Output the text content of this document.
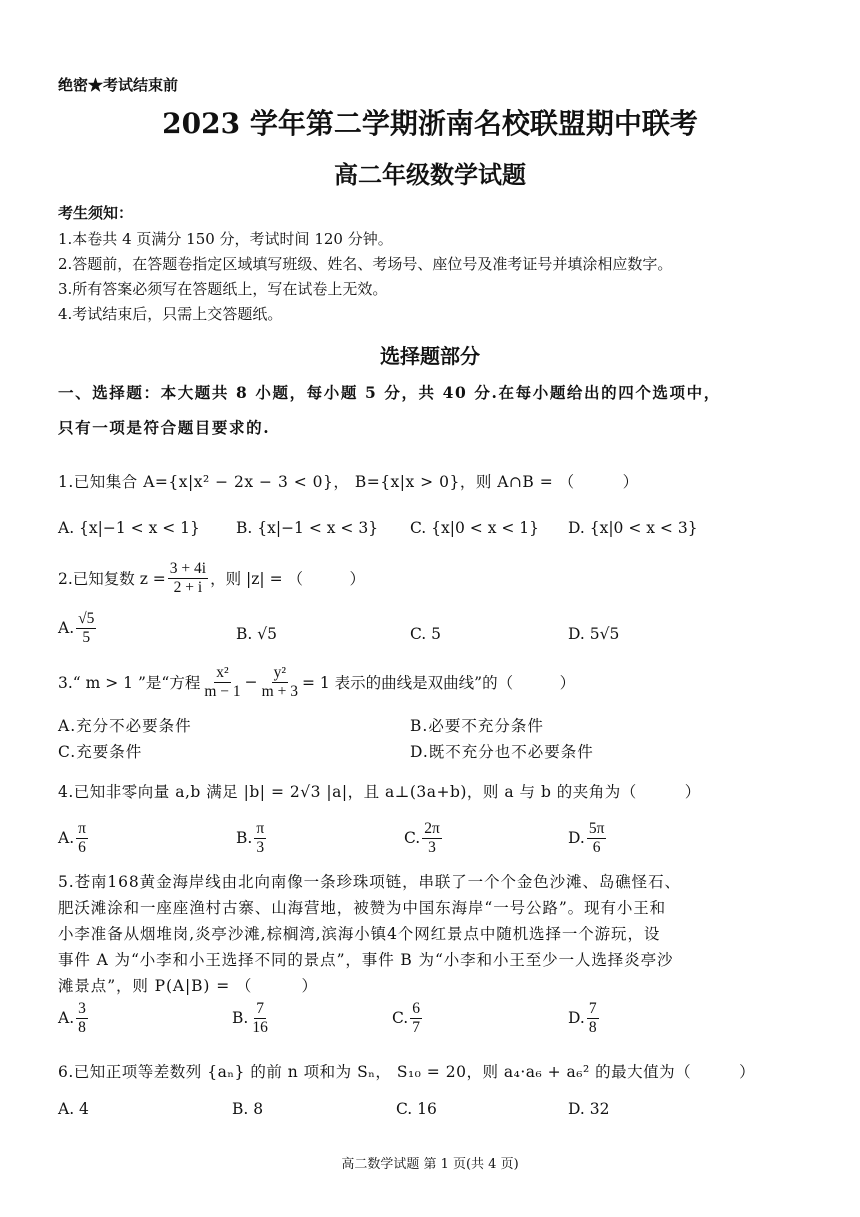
绝密★考试结束前
2023 学年第二学期浙南名校联盟期中联考
高二年级数学试题
考生须知：
1.本卷共 4 页满分 150 分，考试时间 120 分钟。
2.答题前，在答题卷指定区域填写班级、姓名、考场号、座位号及准考证号并填涂相应数字。
3.所有答案必须写在答题纸上，写在试卷上无效。
4.考试结束后，只需上交答题纸。
选择题部分
一、选择题：本大题共 8 小题，每小题 5 分，共 40 分.在每小题给出的四个选项中，
只有一项是符合题目要求的.
1.已知集合 A={x|x² − 2x − 3 < 0}， B={x|x > 0}，则 A∩B = （　　　）
A. {x|−1 < x < 1} B. {x|−1 < x < 3} C. {x|0 < x < 1} D. {x|0 < x < 3}
2.已知复数 $z = \frac{3 + 4i}{2 + i}$ ，则 |z| = （　　　）
A. $\frac{√5}{5}$	B. √5	C. 5	D. 5√5
3.“ m > 1 ”是“方程 $\frac{\text{x²}}{m - 1} - \frac{\text{y²}}{m + 3} = 1$ 表示的曲线是双曲线”的（　　　）
A.充分不必要条件	B.必要不充分条件
C.充要条件	D.既不充分也不必要条件
4.已知非零向量 a,b 满足 |b| = 2√3 |a|，且 a⊥(3a+b)，则 a 与 b 的夹角为（　　　）
A. $\frac{\pi}{6}$	B. $\frac{\pi}{3}$	C. $\frac{2\pi}{3}$	D. $\frac{5\pi}{6}$
5.苍南168黄金海岸线由北向南像一条珍珠项链，串联了一个个金色沙滩、岛礁怪石、
肥沃滩涂和一座座渔村古寨、山海营地，被赞为中国东海岸“一号公路”。现有小王和
小李准备从烟堆岗,炎亭沙滩,棕榈湾,滨海小镇4个网红景点中随机选择一个游玩，设
事件 A 为“小李和小王选择不同的景点”，事件 B 为“小李和小王至少一人选择炎亭沙
滩景点”，则 P(A|B) = （　　　）
A. $\frac{3}{8}$	B. $\frac{7}{16}$	C. $\frac{6}{7}$	D. $\frac{7}{8}$
6.已知正项等差数列 {aₙ} 的前 n 项和为 Sₙ， S₁₀ = 20，则 a₄·a₆ + a₆² 的最大值为（　　　）
A. 4	B. 8	C. 16	D. 32
高二数学试题 第 1 页(共 4 页)
